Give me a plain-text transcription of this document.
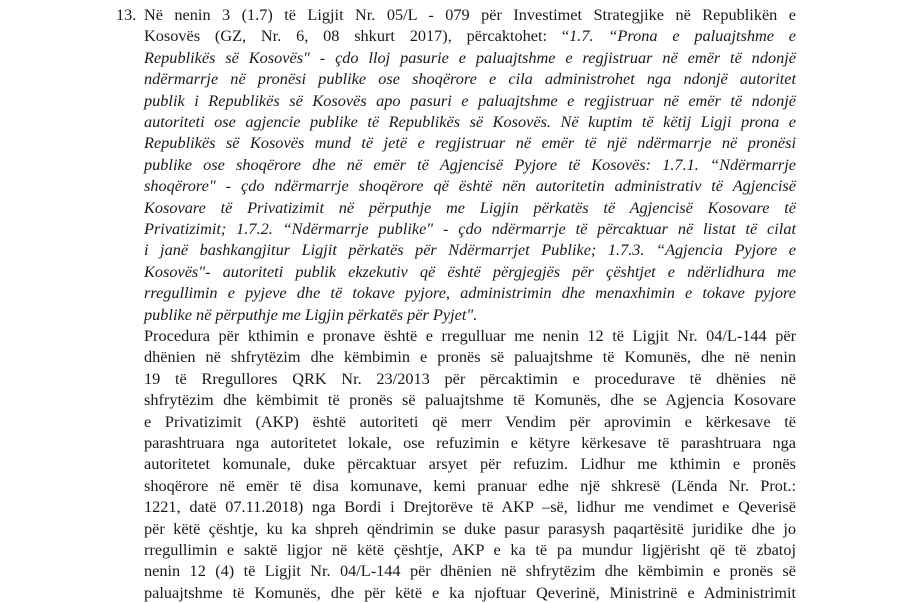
13. Në nenin 3 (1.7) të Ligjit Nr. 05/L - 079 për Investimet Strategjike në Republikën e
Kosovës (GZ, Nr. 6, 08 shkurt 2017), përcaktohet: “1.7. “Prona e paluajtshme e
Republikës së Kosovës" - çdo lloj pasurie e paluajtshme e regjistruar në emër të ndonjë
ndërmarrje në pronësi publike ose shoqërore e cila administrohet nga ndonjë autoritet
publik i Republikës së Kosovës apo pasuri e paluajtshme e regjistruar në emër të ndonjë
autoriteti ose agjencie publike të Republikës së Kosovës. Në kuptim të këtij Ligji prona e
Republikës së Kosovës mund të jetë e regjistruar në emër të një ndërmarrje në pronësi
publike ose shoqërore dhe në emër të Agjencisë Pyjore të Kosovës: 1.7.1. “Ndërmarrje
shoqërore" - çdo ndërmarrje shoqërore që është nën autoritetin administrativ të Agjencisë
Kosovare të Privatizimit në përputhje me Ligjin përkatës të Agjencisë Kosovare të
Privatizimit; 1.7.2. “Ndërmarrje publike" - çdo ndërmarrje të përcaktuar në listat të cilat
i janë bashkangjitur Ligjit përkatës për Ndërmarrjet Publike; 1.7.3. “Agjencia Pyjore e
Kosovës"- autoriteti publik ekzekutiv që është përgjegjës për çështjet e ndërlidhura me
rregullimin e pyjeve dhe të tokave pyjore, administrimin dhe menaxhimin e tokave pyjore
publike në përputhje me Ligjin përkatës për Pyjet".
Procedura për kthimin e pronave është e rregulluar me nenin 12 të Ligjit Nr. 04/L-144 për
dhënien në shfrytëzim dhe këmbimin e pronës së paluajtshme të Komunës, dhe në nenin
19 të Rregullores QRK Nr. 23/2013 për përcaktimin e procedurave të dhënies në
shfrytëzim dhe këmbimit të pronës së paluajtshme të Komunës, dhe se Agjencia Kosovare
e Privatizimit (AKP) është autoriteti që merr Vendim për aprovimin e kërkesave të
parashtruara nga autoritetet lokale, ose refuzimin e këtyre kërkesave të parashtruara nga
autoritetet komunale, duke përcaktuar arsyet për refuzim. Lidhur me kthimin e pronës
shoqërore në emër të disa komunave, kemi pranuar edhe një shkresë (Lënda Nr. Prot.:
1221, datë 07.11.2018) nga Bordi i Drejtorëve të AKP –së, lidhur me vendimet e Qeverisë
për këtë çështje, ku ka shpreh qëndrimin se duke pasur parasysh paqartësitë juridike dhe jo
rregullimin e saktë ligjor në këtë çështje, AKP e ka të pa mundur ligjërisht që të zbatoj
nenin 12 (4) të Ligjit Nr. 04/L-144 për dhënien në shfrytëzim dhe këmbimin e pronës së
paluajtshme të Komunës, dhe për këtë e ka njoftuar Qeverinë, Ministrinë e Administrimit
